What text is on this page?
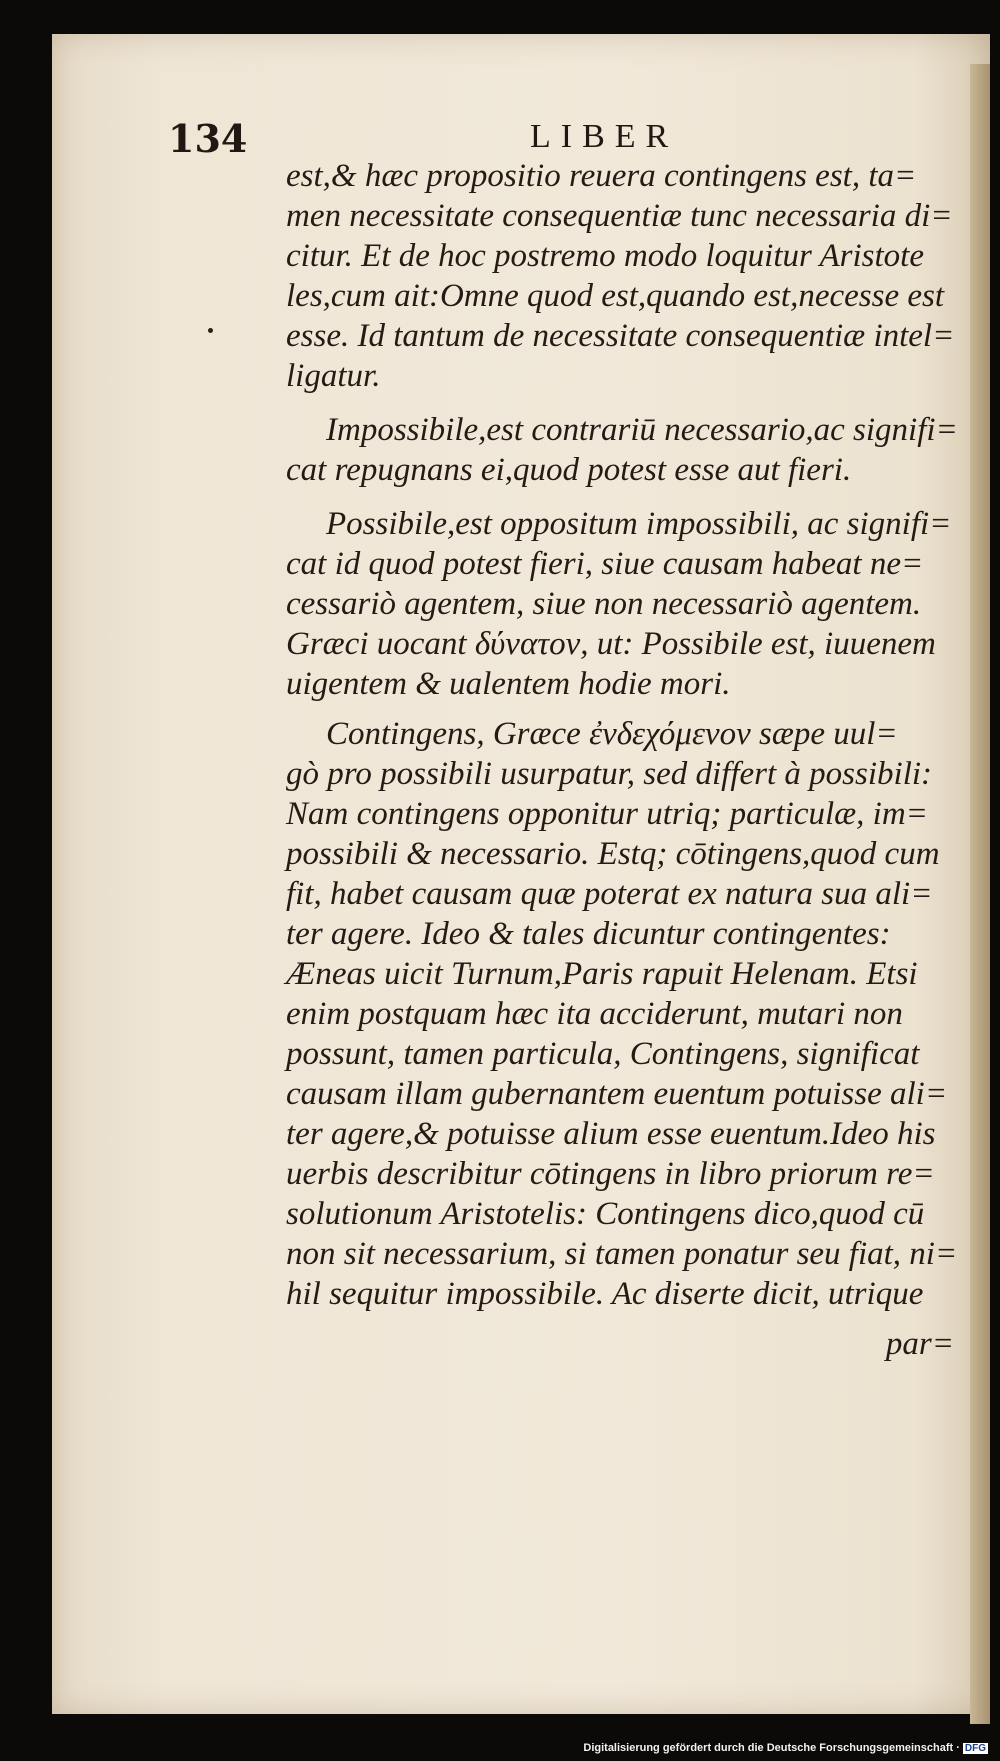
134	LIBER
est,& hæc propositio reuera contingens est, ta=
men necessitate consequentiæ tunc necessaria di=
citur. Et de hoc postremo modo loquitur Aristote
les,cum ait:Omne quod est,quando est,necesse est
esse. Id tantum de necessitate consequentiæ intel=
ligatur.
Impossibile,est contrariū necessario,ac signifi=
cat repugnans ei,quod potest esse aut fieri.
Possibile,est oppositum impossibili, ac signifi=
cat id quod potest fieri, siue causam habeat ne=
cessariò agentem, siue non necessariò agentem.
Græci uocant δύνατον, ut: Possibile est, iuuenem
uigentem & ualentem hodie mori.
Contingens, Græce ἐνδεχόμενον sæpe uul=
gò pro possibili usurpatur, sed differt à possibili:
Nam contingens opponitur utriq; particulæ, im=
possibili & necessario. Estq; cōtingens,quod cum
fit, habet causam quæ poterat ex natura sua ali=
ter agere. Ideo & tales dicuntur contingentes:
Æneas uicit Turnum,Paris rapuit Helenam. Etsi
enim postquam hæc ita acciderunt, mutari non
possunt, tamen particula, Contingens, significat
causam illam gubernantem euentum potuisse ali=
ter agere,& potuisse alium esse euentum.Ideo his
uerbis describitur cōtingens in libro priorum re=
solutionum Aristotelis: Contingens dico,quod cū
non sit necessarium, si tamen ponatur seu fiat, ni=
hil sequitur impossibile. Ac diserte dicit, utrique
par=
Digitalisierung gefördert durch die Deutsche Forschungsgemeinschaft · DFG
